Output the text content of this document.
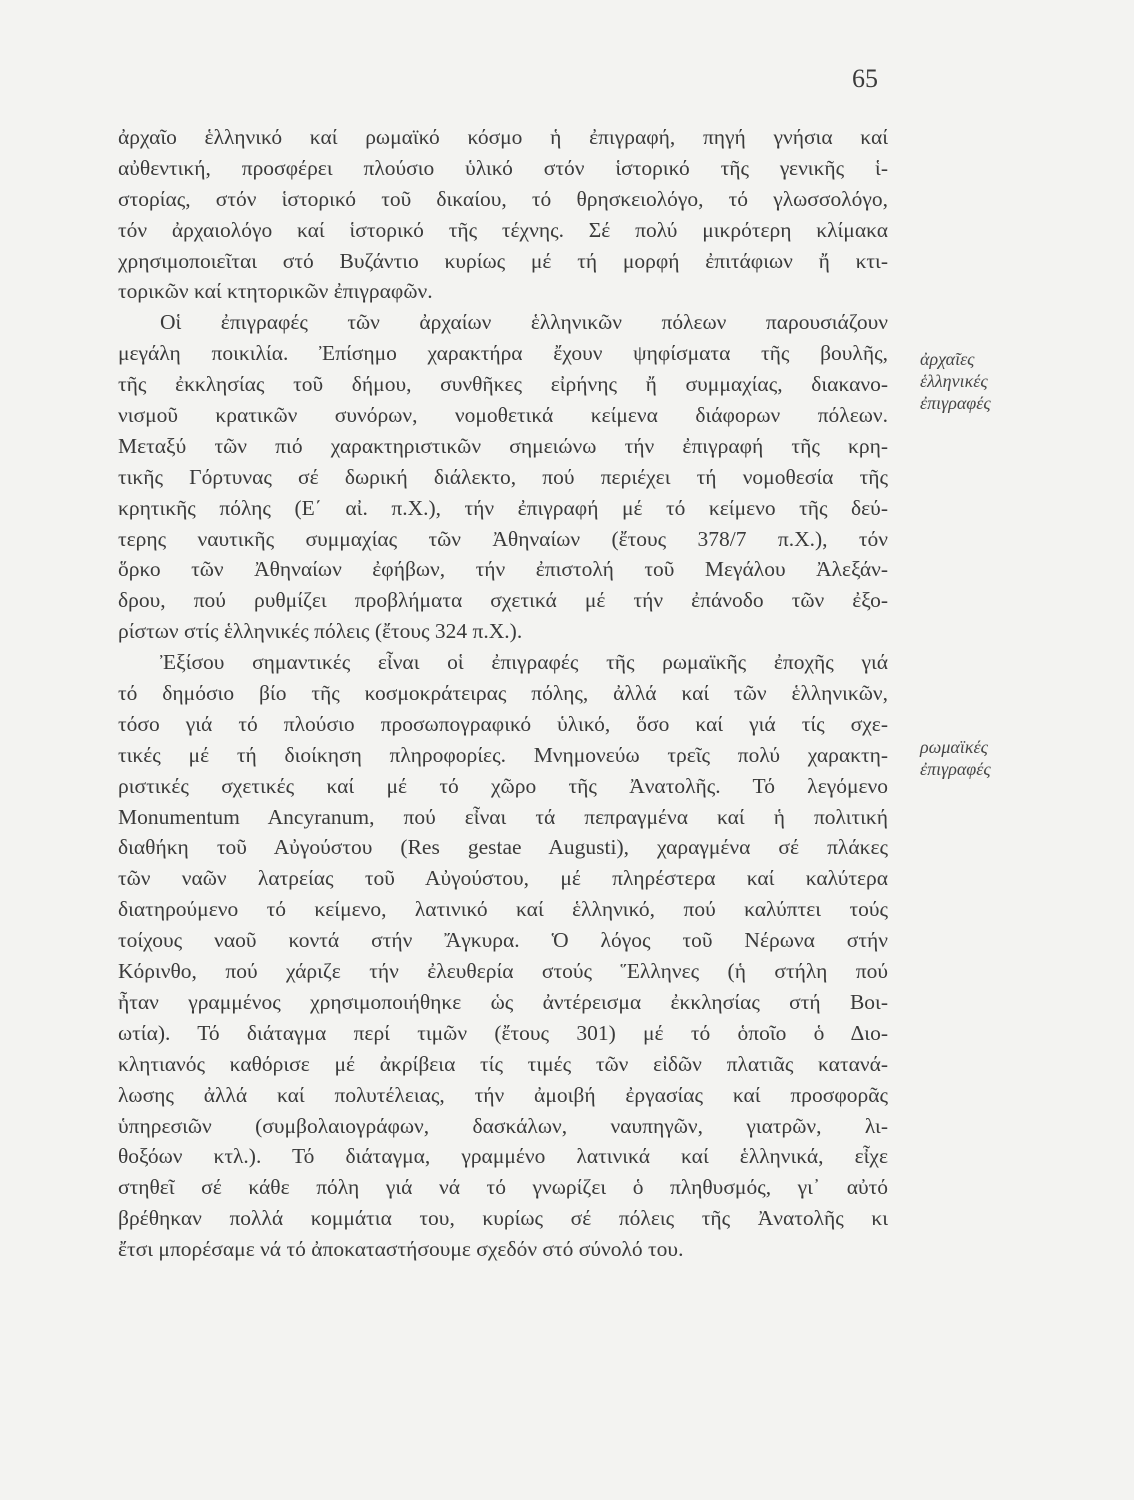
65
ἀρχαῖο ἑλληνικό καί ρωμαϊκό κόσμο ἡ ἐπιγραφή, πηγή γνήσια καί
αὐθεντική, προσφέρει πλούσιο ὑλικό στόν ἱστορικό τῆς γενικῆς ἱ-
στορίας, στόν ἱστορικό τοῦ δικαίου, τό θρησκειολόγο, τό γλωσσολόγο,
τόν ἀρχαιολόγο καί ἱστορικό τῆς τέχνης. Σέ πολύ μικρότερη κλίμακα
χρησιμοποιεῖται στό Βυζάντιο κυρίως μέ τή μορφή ἐπιτάφιων ἤ κτι-
τορικῶν καί κτητορικῶν ἐπιγραφῶν.
Οἱ ἐπιγραφές τῶν ἀρχαίων ἑλληνικῶν πόλεων παρουσιάζουν
μεγάλη ποικιλία. Ἐπίσημο χαρακτήρα ἔχουν ψηφίσματα τῆς βουλῆς,
τῆς ἐκκλησίας τοῦ δήμου, συνθῆκες εἰρήνης ἤ συμμαχίας, διακανο-
νισμοῦ κρατικῶν συνόρων, νομοθετικά κείμενα διάφορων πόλεων.
Μεταξύ τῶν πιό χαρακτηριστικῶν σημειώνω τήν ἐπιγραφή τῆς κρη-
τικῆς Γόρτυνας σέ δωρική διάλεκτο, πού περιέχει τή νομοθεσία τῆς
κρητικῆς πόλης (Ε΄ αἰ. π.Χ.), τήν ἐπιγραφή μέ τό κείμενο τῆς δεύ-
τερης ναυτικῆς συμμαχίας τῶν Ἀθηναίων (ἔτους 378/7 π.Χ.), τόν
ὅρκο τῶν Ἀθηναίων ἐφήβων, τήν ἐπιστολή τοῦ Μεγάλου Ἀλεξάν-
δρου, πού ρυθμίζει προβλήματα σχετικά μέ τήν ἐπάνοδο τῶν ἐξο-
ρίστων στίς ἑλληνικές πόλεις (ἔτους 324 π.Χ.).
Ἐξίσου σημαντικές εἶναι οἱ ἐπιγραφές τῆς ρωμαϊκῆς ἐποχῆς γιά
τό δημόσιο βίο τῆς κοσμοκράτειρας πόλης, ἀλλά καί τῶν ἑλληνικῶν,
τόσο γιά τό πλούσιο προσωπογραφικό ὑλικό, ὅσο καί γιά τίς σχε-
τικές μέ τή διοίκηση πληροφορίες. Μνημονεύω τρεῖς πολύ χαρακτη-
ριστικές σχετικές καί μέ τό χῶρο τῆς Ἀνατολῆς. Τό λεγόμενο
Monumentum Ancyranum, πού εἶναι τά πεπραγμένα καί ἡ πολιτική
διαθήκη τοῦ Αὐγούστου (Res gestae Augusti), χαραγμένα σέ πλάκες
τῶν ναῶν λατρείας τοῦ Αὐγούστου, μέ πληρέστερα καί καλύτερα
διατηρούμενο τό κείμενο, λατινικό καί ἑλληνικό, πού καλύπτει τούς
τοίχους ναοῦ κοντά στήν Ἄγκυρα. Ὁ λόγος τοῦ Νέρωνα στήν
Κόρινθο, πού χάριζε τήν ἐλευθερία στούς Ἕλληνες (ἡ στήλη πού
ἦταν γραμμένος χρησιμοποιήθηκε ὡς ἀντέρεισμα ἐκκλησίας στή Βοι-
ωτία). Τό διάταγμα περί τιμῶν (ἔτους 301) μέ τό ὁποῖο ὁ Διο-
κλητιανός καθόρισε μέ ἀκρίβεια τίς τιμές τῶν εἰδῶν πλατιᾶς κατανά-
λωσης ἀλλά καί πολυτέλειας, τήν ἀμοιβή ἐργασίας καί προσφορᾶς
ὑπηρεσιῶν (συμβολαιογράφων, δασκάλων, ναυπηγῶν, γιατρῶν, λι-
θοξόων κτλ.). Τό διάταγμα, γραμμένο λατινικά καί ἑλληνικά, εἶχε
στηθεῖ σέ κάθε πόλη γιά νά τό γνωρίζει ὁ πληθυσμός, γι᾽ αὐτό
βρέθηκαν πολλά κομμάτια του, κυρίως σέ πόλεις τῆς Ἀνατολῆς κι
ἔτσι μπορέσαμε νά τό ἀποκαταστήσουμε σχεδόν στό σύνολό του.
ἀρχαῖες
ἑλληνικές
ἐπιγραφές
ρωμαϊκές
ἐπιγραφές
